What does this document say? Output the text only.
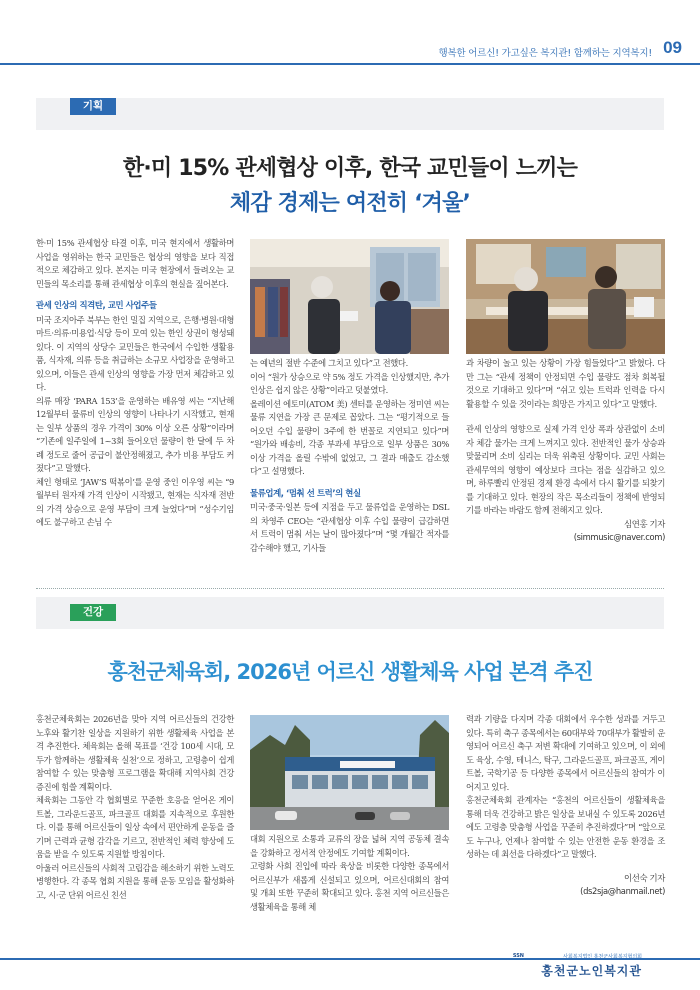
행복한 어르신! 가고싶은 복지관! 함께하는 지역복지! 09
기획
한·미 15% 관세협상 이후, 한국 교민들이 느끼는
체감 경제는 여전히 ‘겨울’

한·미 15% 관세협상 타결 이후, 미국 현지에서 생활하며 사업을 영위하는 한국 교민들은 협상의 영향을 보다 직접적으로 체감하고 있다. 본지는 미국 현장에서 들려오는 교민들의 목소리를 통해 관세협상 이후의 현실을 짚어본다.

관세 인상의 직격탄, 교민 사업주들

미국 조지아주 북부는 한인 밀집 지역으로, 은행·병원·대형마트·의류·미용업·식당 등이 모여 있는 한인 상권이 형성돼 있다. 이 지역의 상당수 교민들은 한국에서 수입한 생활용품, 식자재, 의류 등을 취급하는 소규모 사업장을 운영하고 있으며, 이들은 관세 인상의 영향을 가장 먼저 체감하고 있다.

의류 매장 ‘PARA 153’을 운영하는 배유영 씨는 “지난해 12월부터 물류비 인상의 영향이 나타나기 시작했고, 현재는 일부 상품의 경우 가격이 30% 이상 오른 상황”이라며 “기존에 일주일에 1~3회 들어오던 물량이 한 달에 두 차례 정도로 줄어 공급이 불안정해졌고, 추가 비용 부담도 커졌다”고 말했다.

체인 형태로 ‘JAW’S 떡볶이’를 운영 중인 이우영 씨는 “9월부터 원자재 가격 인상이 시작됐고, 현재는 식자재 전반의 가격 상승으로 운영 부담이 크게 늘었다”며 “성수기임에도 불구하고 손님 수

는 예년의 절반 수준에 그치고 있다”고 전했다.

이어 “원가 상승으로 약 5% 정도 가격을 인상했지만, 추가 인상은 쉽지 않은 상황”이라고 덧붙였다.

올레이션 에토미(ATOM 美) 센터를 운영하는 정미연 씨는 물류 지연을 가장 큰 문제로 꼽았다. 그는 “평기적으로 들어오던 수입 물량이 3주에 한 번꼴로 지연되고 있다”며 “원가와 배송비, 각종 부과세 부담으로 일부 상품은 30% 이상 가격을 올릴 수밖에 없었고, 그 결과 매출도 감소했다”고 설명했다.

물류업계, ‘멈춰 선 트럭’의 현실

미국·중국·일본 등에 지점을 두고 물류업을 운영하는 DSL의 차영주 CEO는 “관세협상 이후 수입 물량이 급감하면서 트럭이 멈춰 서는 날이 많아졌다”며 “몇 개월간 적자를 감수해야 했고, 기사들

과 차량이 놀고 있는 상황이 가장 힘들었다”고 밝혔다. 다만 그는 “관세 정책이 안정되면 수입 물량도 점차 회복될 것으로 기대하고 있다”며 “쉬고 있는 트럭과 인력을 다시 활용할 수 있을 것이라는 희망은 가지고 있다”고 말했다.

관세 인상의 영향으로 실제 가격 인상 폭과 상관없이 소비자 체감 물가는 크게 느껴지고 있다. 전반적인 물가 상승과 맞물리며 소비 심리는 더욱 위축된 상황이다. 교민 사회는 관세무역의 영향이 예상보다 크다는 점을 실감하고 있으며, 하루빨리 안정된 경제 환경 속에서 다시 활기를 되찾기를 기대하고 있다. 현장의 작은 목소리들이 정책에 반영되기를 바라는 바람도 함께 전해지고 있다.

심연홍 기자

(simmusic@naver.com)

건강
홍천군체육회, 2026년 어르신 생활체육 사업 본격 추진

홍천군체육회는 2026년을 맞아 지역 어르신들의 건강한 노후와 활기찬 일상을 지원하기 위한 생활체육 사업을 본격 추진한다. 체육회는 올해 목표를 ‘건강 100세 시대, 모두가 함께하는 생활체육 실천’으로 정하고, 고령층이 쉽게 참여할 수 있는 맞춤형 프로그램을 확대해 지역사회 건강 증진에 힘쓸 계획이다.

체육회는 그동안 각 협회별로 꾸준한 호응을 얻어온 게이트볼, 그라운드골프, 파크골프 대회를 지속적으로 후원한다. 이를 통해 어르신들이 일상 속에서 편안하게 운동을 즐기며 근력과 균형 감각을 기르고, 전반적인 체력 향상에 도움을 받을 수 있도록 지원할 방침이다.

아울러 어르신들의 사회적 고립감을 해소하기 위한 노력도 병행한다. 각 종목 협회 지원을 통해 운동 모임을 활성화하고, 시·군 단위 어르신 친선

대회 지원으로 소통과 교류의 장을 넓혀 지역 공동체 결속을 강화하고 정서적 안정에도 기여할 계획이다.

고령화 사회 진입에 따라 육상을 비롯한 다양한 종목에서 어르신부가 새롭게 신설되고 있으며, 어르신대회의 참여 및 개최 또한 꾸준히 확대되고 있다. 홍천 지역 어르신들은 생활체육을 통해 체

력과 기량을 다지며 각종 대회에서 우수한 성과를 거두고 있다. 특히 축구 종목에서는 60대부와 70대부가 활발히 운영되어 어르신 축구 저변 확대에 기여하고 있으며, 이 외에도 육상, 수영, 테니스, 탁구, 그라운드골프, 파크골프, 게이트볼, 국학기공 등 다양한 종목에서 어르신들의 참여가 이어지고 있다.

홍천군체육회 관계자는 “홍천의 어르신들이 생활체육을 통해 더욱 건강하고 밝은 일상을 보내실 수 있도록 2026년에도 고령층 맞춤형 사업을 꾸준히 추진하겠다”며 “앞으로도 누구나, 언제나 참여할 수 있는 안전한 운동 환경을 조성하는 데 최선을 다하겠다”고 말했다.

이선숙 기자

(ds2sja@hanmail.net)

SSN	사회복지법인 홍천군사회복지협의회
홍천군노인복지관
